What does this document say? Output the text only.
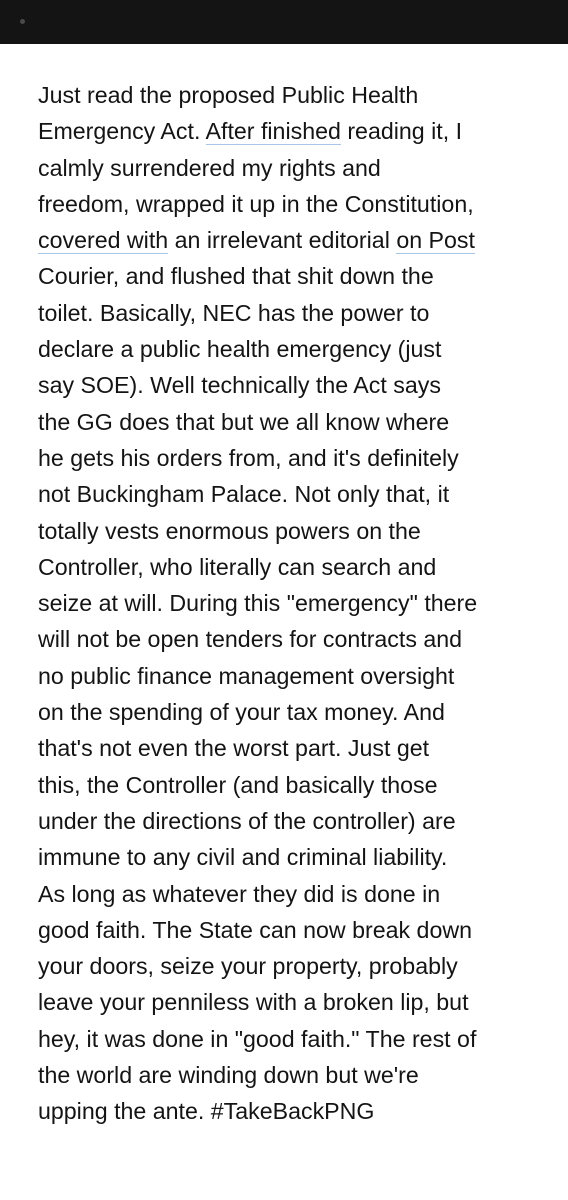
Just read the proposed Public Health
Emergency Act. After finished reading it, I
calmly surrendered my rights and
freedom, wrapped it up in the Constitution,
covered with an irrelevant editorial on Post
Courier, and flushed that shit down the
toilet. Basically, NEC has the power to
declare a public health emergency (just
say SOE). Well technically the Act says
the GG does that but we all know where
he gets his orders from, and it's definitely
not Buckingham Palace. Not only that, it
totally vests enormous powers on the
Controller, who literally can search and
seize at will. During this "emergency" there
will not be open tenders for contracts and
no public finance management oversight
on the spending of your tax money. And
that's not even the worst part. Just get
this, the Controller (and basically those
under the directions of the controller) are
immune to any civil and criminal liability.
As long as whatever they did is done in
good faith. The State can now break down
your doors, seize your property, probably
leave your penniless with a broken lip, but
hey, it was done in "good faith." The rest of
the world are winding down but we're
upping the ante. #TakeBackPNG
